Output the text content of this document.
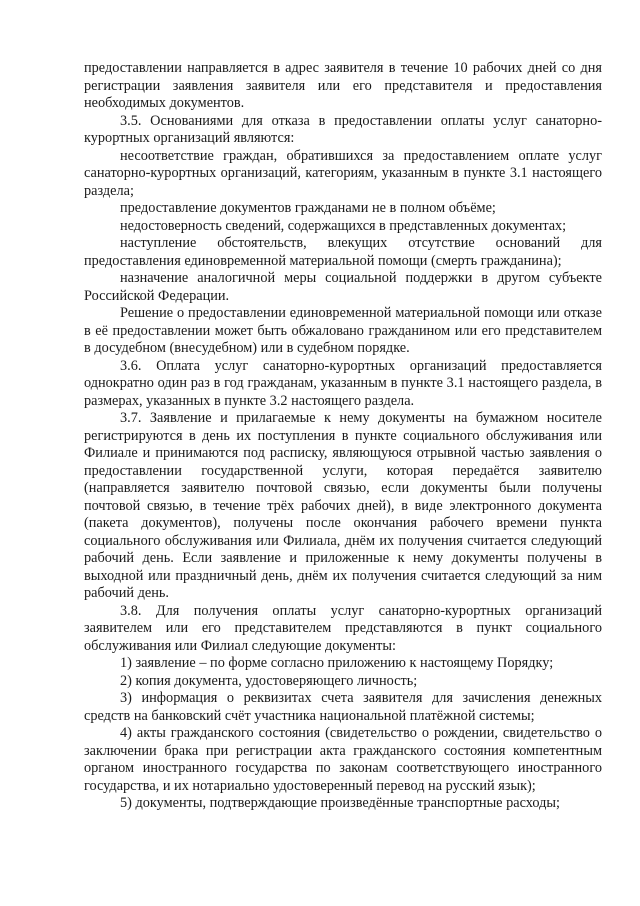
предоставлении направляется в адрес заявителя в течение 10 рабочих дней со дня регистрации заявления заявителя или его представителя и предоставления необходимых документов.

3.5. Основаниями для отказа в предоставлении оплаты услуг санаторно-курортных организаций являются:

несоответствие граждан, обратившихся за предоставлением оплате услуг санаторно-курортных организаций, категориям, указанным в пункте 3.1 настоящего раздела;

предоставление документов гражданами не в полном объёме;

недостоверность сведений, содержащихся в представленных документах;

наступление обстоятельств, влекущих отсутствие оснований для предоставления единовременной материальной помощи (смерть гражданина);

назначение аналогичной меры социальной поддержки в другом субъекте Российской Федерации.

Решение о предоставлении единовременной материальной помощи или отказе в её предоставлении может быть обжаловано гражданином или его представителем в досудебном (внесудебном) или в судебном порядке.

3.6. Оплата услуг санаторно-курортных организаций предоставляется однократно один раз в год гражданам, указанным в пункте 3.1 настоящего раздела, в размерах, указанных в пункте 3.2 настоящего раздела.

3.7. Заявление и прилагаемые к нему документы на бумажном носителе регистрируются в день их поступления в пункте социального обслуживания или Филиале и принимаются под расписку, являющуюся отрывной частью заявления о предоставлении государственной услуги, которая передаётся заявителю (направляется заявителю почтовой связью, если документы были получены почтовой связью, в течение трёх рабочих дней), в виде электронного документа (пакета документов), получены после окончания рабочего времени пункта социального обслуживания или Филиала, днём их получения считается следующий рабочий день. Если заявление и приложенные к нему документы получены в выходной или праздничный день, днём их получения считается следующий за ним рабочий день.

3.8. Для получения оплаты услуг санаторно-курортных организаций заявителем или его представителем представляются в пункт социального обслуживания или Филиал следующие документы:

1) заявление – по форме согласно приложению к настоящему Порядку;

2) копия документа, удостоверяющего личность;

3) информация о реквизитах счета заявителя для зачисления денежных средств на банковский счёт участника национальной платёжной системы;

4) акты гражданского состояния (свидетельство о рождении, свидетельство о заключении брака при регистрации акта гражданского состояния компетентным органом иностранного государства по законам соответствующего иностранного государства, и их нотариально удостоверенный перевод на русский язык);

5) документы, подтверждающие произведённые транспортные расходы;
